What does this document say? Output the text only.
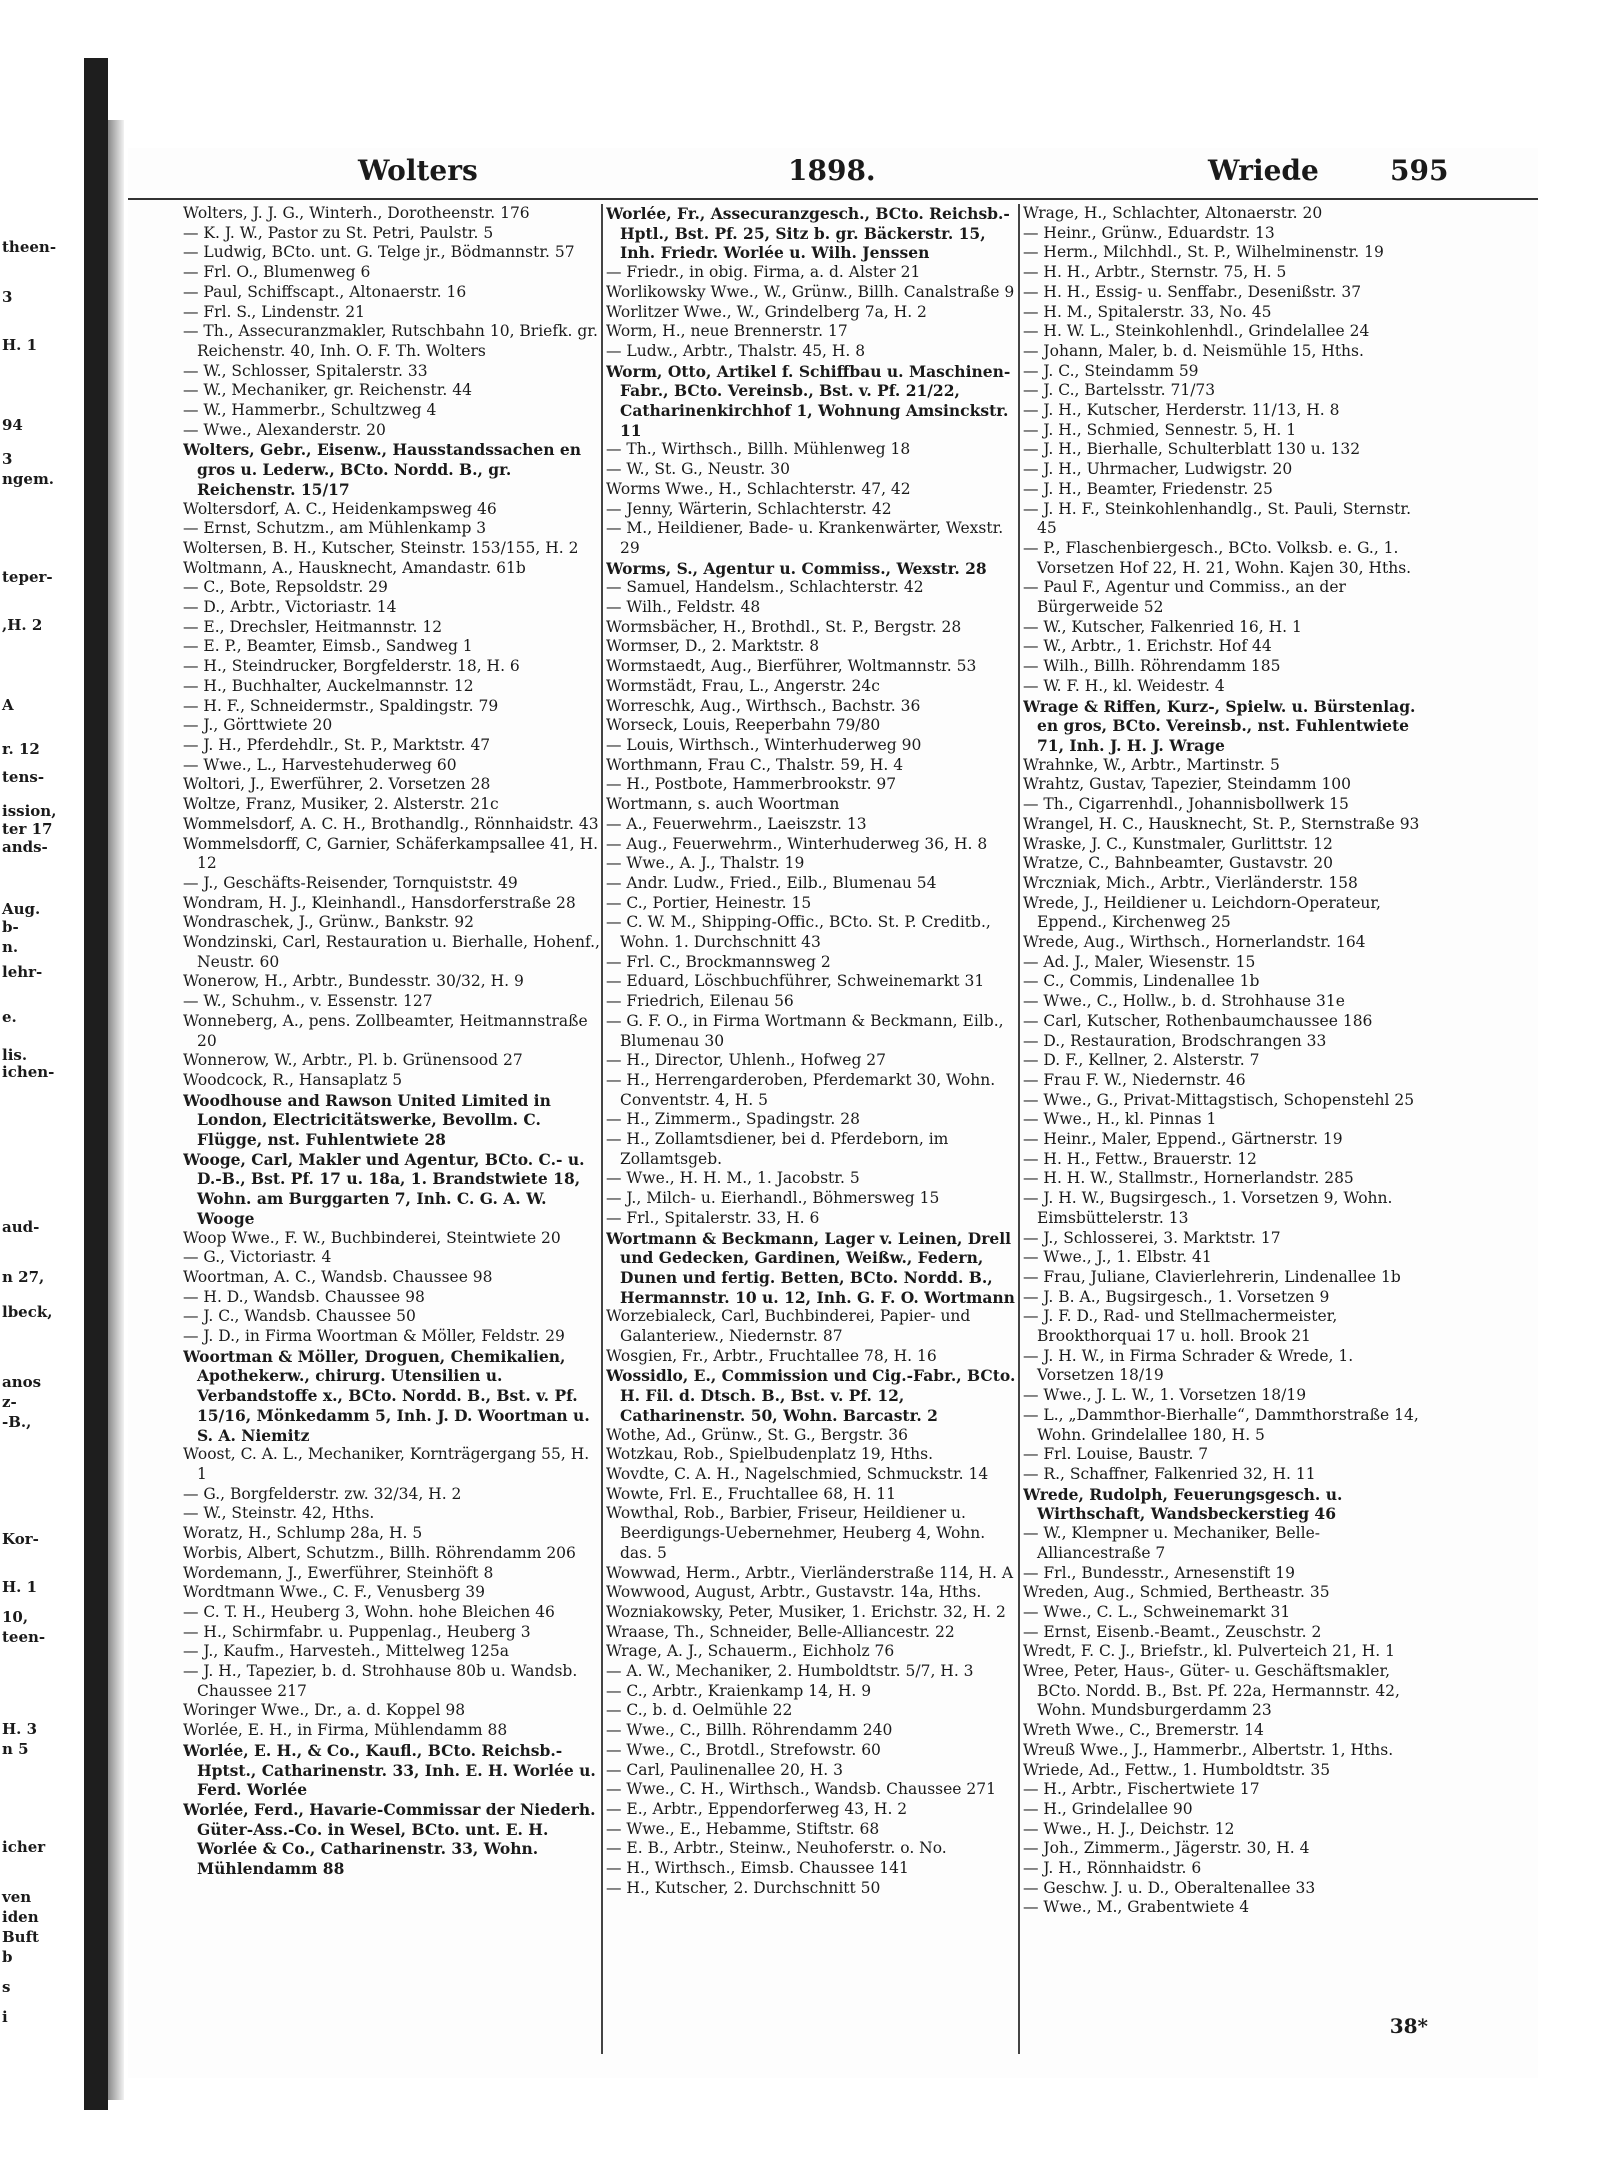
theen-
3
H. 1
94
3
ngem.
teper-
,H. 2
A
r. 12
tens-
ission,
ter 17
ands-
Aug.
b-
n.
lehr-
e.
lis.
ichen-
aud-
n 27,
lbeck,
anos
z-
-B.,
Kor-
H. 1
10,
teen-
H. 3
n 5
icher
ven
iden
Buft
b
s
i
Wolters	1898.	Wriede	595

Wolters, J. J. G., Winterh., Dorotheenstr. 176

— K. J. W., Pastor zu St. Petri, Paulstr. 5

— Ludwig, BCto. unt. G. Telge jr., Bödmannstr. 57

— Frl. O., Blumenweg 6

— Paul, Schiffscapt., Altonaerstr. 16

— Frl. S., Lindenstr. 21

— Th., Assecuranzmakler, Rutschbahn 10, Briefk. gr. Reichenstr. 40, Inh. O. F. Th. Wolters

— W., Schlosser, Spitalerstr. 33

— W., Mechaniker, gr. Reichenstr. 44

— W., Hammerbr., Schultzweg 4

— Wwe., Alexanderstr. 20

Wolters, Gebr., Eisenw., Hausstandssachen en gros u. Lederw., BCto. Nordd. B., gr. Reichenstr. 15/17

Woltersdorf, A. C., Heidenkampsweg 46

— Ernst, Schutzm., am Mühlenkamp 3

Woltersen, B. H., Kutscher, Steinstr. 153/155, H. 2

Woltmann, A., Hausknecht, Amandastr. 61b

— C., Bote, Repsoldstr. 29

— D., Arbtr., Victoriastr. 14

— E., Drechsler, Heitmannstr. 12

— E. P., Beamter, Eimsb., Sandweg 1

— H., Steindrucker, Borgfelderstr. 18, H. 6

— H., Buchhalter, Auckelmannstr. 12

— H. F., Schneidermstr., Spaldingstr. 79

— J., Görttwiete 20

— J. H., Pferdehdlr., St. P., Marktstr. 47

— Wwe., L., Harvestehuderweg 60

Woltori, J., Ewerführer, 2. Vorsetzen 28

Woltze, Franz, Musiker, 2. Alsterstr. 21c

Wommelsdorf, A. C. H., Brothandlg., Rönnhaidstr. 43

Wommelsdorff, C, Garnier, Schäferkampsallee 41, H. 12

— J., Geschäfts-Reisender, Tornquiststr. 49

Wondram, H. J., Kleinhandl., Hansdorferstraße 28

Wondraschek, J., Grünw., Bankstr. 92

Wondzinski, Carl, Restauration u. Bierhalle, Hohenf., Neustr. 60

Wonerow, H., Arbtr., Bundesstr. 30/32, H. 9

— W., Schuhm., v. Essenstr. 127

Wonneberg, A., pens. Zollbeamter, Heitmannstraße 20

Wonnerow, W., Arbtr., Pl. b. Grünensood 27

Woodcock, R., Hansaplatz 5

Woodhouse and Rawson United Limited in London, Electricitätswerke, Bevollm. C. Flügge, nst. Fuhlentwiete 28

Wooge, Carl, Makler und Agentur, BCto. C.- u. D.-B., Bst. Pf. 17 u. 18a, 1. Brandstwiete 18, Wohn. am Burggarten 7, Inh. C. G. A. W. Wooge

Woop Wwe., F. W., Buchbinderei, Steintwiete 20

— G., Victoriastr. 4

Woortman, A. C., Wandsb. Chaussee 98

— H. D., Wandsb. Chaussee 98

— J. C., Wandsb. Chaussee 50

— J. D., in Firma Woortman & Möller, Feldstr. 29

Woortman & Möller, Droguen, Chemikalien, Apothekerw., chirurg. Utensilien u. Verbandstoffe x., BCto. Nordd. B., Bst. v. Pf. 15/16, Mönkedamm 5, Inh. J. D. Woortman u. S. A. Niemitz

Woost, C. A. L., Mechaniker, Kornträgergang 55, H. 1

— G., Borgfelderstr. zw. 32/34, H. 2

— W., Steinstr. 42, Hths.

Woratz, H., Schlump 28a, H. 5

Worbis, Albert, Schutzm., Billh. Röhrendamm 206

Wordemann, J., Ewerführer, Steinhöft 8

Wordtmann Wwe., C. F., Venusberg 39

— C. T. H., Heuberg 3, Wohn. hohe Bleichen 46

— H., Schirmfabr. u. Puppenlag., Heuberg 3

— J., Kaufm., Harvesteh., Mittelweg 125a

— J. H., Tapezier, b. d. Strohhause 80b u. Wandsb. Chaussee 217

Woringer Wwe., Dr., a. d. Koppel 98

Worlée, E. H., in Firma, Mühlendamm 88

Worlée, E. H., & Co., Kaufl., BCto. Reichsb.-Hptst., Catharinenstr. 33, Inh. E. H. Worlée u. Ferd. Worlée

Worlée, Ferd., Havarie-Commissar der Niederh. Güter-Ass.-Co. in Wesel, BCto. unt. E. H. Worlée & Co., Catharinenstr. 33, Wohn. Mühlendamm 88

Worlée, Fr., Assecuranzgesch., BCto. Reichsb.-Hptl., Bst. Pf. 25, Sitz b. gr. Bäckerstr. 15, Inh. Friedr. Worlée u. Wilh. Jenssen

— Friedr., in obig. Firma, a. d. Alster 21

Worlikowsky Wwe., W., Grünw., Billh. Canalstraße 9

Worlitzer Wwe., W., Grindelberg 7a, H. 2

Worm, H., neue Brennerstr. 17

— Ludw., Arbtr., Thalstr. 45, H. 8

Worm, Otto, Artikel f. Schiffbau u. Maschinen-Fabr., BCto. Vereinsb., Bst. v. Pf. 21/22, Catharinenkirchhof 1, Wohnung Amsinckstr. 11

— Th., Wirthsch., Billh. Mühlenweg 18

— W., St. G., Neustr. 30

Worms Wwe., H., Schlachterstr. 47, 42

— Jenny, Wärterin, Schlachterstr. 42

— M., Heildiener, Bade- u. Krankenwärter, Wexstr. 29

Worms, S., Agentur u. Commiss., Wexstr. 28

— Samuel, Handelsm., Schlachterstr. 42

— Wilh., Feldstr. 48

Wormsbächer, H., Brothdl., St. P., Bergstr. 28

Wormser, D., 2. Marktstr. 8

Wormstaedt, Aug., Bierführer, Woltmannstr. 53

Wormstädt, Frau, L., Angerstr. 24c

Worreschk, Aug., Wirthsch., Bachstr. 36

Worseck, Louis, Reeperbahn 79/80

— Louis, Wirthsch., Winterhuderweg 90

Worthmann, Frau C., Thalstr. 59, H. 4

— H., Postbote, Hammerbrookstr. 97

Wortmann, s. auch Woortman

— A., Feuerwehrm., Laeiszstr. 13

— Aug., Feuerwehrm., Winterhuderweg 36, H. 8

— Wwe., A. J., Thalstr. 19

— Andr. Ludw., Fried., Eilb., Blumenau 54

— C., Portier, Heinestr. 15

— C. W. M., Shipping-Offic., BCto. St. P. Creditb., Wohn. 1. Durchschnitt 43

— Frl. C., Brockmannsweg 2

— Eduard, Löschbuchführer, Schweinemarkt 31

— Friedrich, Eilenau 56

— G. F. O., in Firma Wortmann & Beckmann, Eilb., Blumenau 30

— H., Director, Uhlenh., Hofweg 27

— H., Herrengarderoben, Pferdemarkt 30, Wohn. Conventstr. 4, H. 5

— H., Zimmerm., Spadingstr. 28

— H., Zollamtsdiener, bei d. Pferdeborn, im Zollamtsgeb.

— Wwe., H. H. M., 1. Jacobstr. 5

— J., Milch- u. Eierhandl., Böhmersweg 15

— Frl., Spitalerstr. 33, H. 6

Wortmann & Beckmann, Lager v. Leinen, Drell und Gedecken, Gardinen, Weißw., Federn, Dunen und fertig. Betten, BCto. Nordd. B., Hermannstr. 10 u. 12, Inh. G. F. O. Wortmann

Worzebialeck, Carl, Buchbinderei, Papier- und Galanteriew., Niedernstr. 87

Wosgien, Fr., Arbtr., Fruchtallee 78, H. 16

Wossidlo, E., Commission und Cig.-Fabr., BCto. H. Fil. d. Dtsch. B., Bst. v. Pf. 12, Catharinenstr. 50, Wohn. Barcastr. 2

Wothe, Ad., Grünw., St. G., Bergstr. 36

Wotzkau, Rob., Spielbudenplatz 19, Hths.

Wovdte, C. A. H., Nagelschmied, Schmuckstr. 14

Wowte, Frl. E., Fruchtallee 68, H. 11

Wowthal, Rob., Barbier, Friseur, Heildiener u. Beerdigungs-Uebernehmer, Heuberg 4, Wohn. das. 5

Wowwad, Herm., Arbtr., Vierländerstraße 114, H. A

Wowwood, August, Arbtr., Gustavstr. 14a, Hths.

Wozniakowsky, Peter, Musiker, 1. Erichstr. 32, H. 2

Wraase, Th., Schneider, Belle-Alliancestr. 22

Wrage, A. J., Schauerm., Eichholz 76

— A. W., Mechaniker, 2. Humboldtstr. 5/7, H. 3

— C., Arbtr., Kraienkamp 14, H. 9

— C., b. d. Oelmühle 22

— Wwe., C., Billh. Röhrendamm 240

— Wwe., C., Brotdl., Strefowstr. 60

— Carl, Paulinenallee 20, H. 3

— Wwe., C. H., Wirthsch., Wandsb. Chaussee 271

— E., Arbtr., Eppendorferweg 43, H. 2

— Wwe., E., Hebamme, Stiftstr. 68

— E. B., Arbtr., Steinw., Neuhoferstr. o. No.

— H., Wirthsch., Eimsb. Chaussee 141

— H., Kutscher, 2. Durchschnitt 50

Wrage, H., Schlachter, Altonaerstr. 20

— Heinr., Grünw., Eduardstr. 13

— Herm., Milchhdl., St. P., Wilhelminenstr. 19

— H. H., Arbtr., Sternstr. 75, H. 5

— H. H., Essig- u. Senffabr., Desenißstr. 37

— H. M., Spitalerstr. 33, No. 45

— H. W. L., Steinkohlenhdl., Grindelallee 24

— Johann, Maler, b. d. Neismühle 15, Hths.

— J. C., Steindamm 59

— J. C., Bartelsstr. 71/73

— J. H., Kutscher, Herderstr. 11/13, H. 8

— J. H., Schmied, Sennestr. 5, H. 1

— J. H., Bierhalle, Schulterblatt 130 u. 132

— J. H., Uhrmacher, Ludwigstr. 20

— J. H., Beamter, Friedenstr. 25

— J. H. F., Steinkohlenhandlg., St. Pauli, Sternstr. 45

— P., Flaschenbiergesch., BCto. Volksb. e. G., 1. Vorsetzen Hof 22, H. 21, Wohn. Kajen 30, Hths.

— Paul F., Agentur und Commiss., an der Bürgerweide 52

— W., Kutscher, Falkenried 16, H. 1

— W., Arbtr., 1. Erichstr. Hof 44

— Wilh., Billh. Röhrendamm 185

— W. F. H., kl. Weidestr. 4

Wrage & Riffen, Kurz-, Spielw. u. Bürstenlag. en gros, BCto. Vereinsb., nst. Fuhlentwiete 71, Inh. J. H. J. Wrage

Wrahnke, W., Arbtr., Martinstr. 5

Wrahtz, Gustav, Tapezier, Steindamm 100

— Th., Cigarrenhdl., Johannisbollwerk 15

Wrangel, H. C., Hausknecht, St. P., Sternstraße 93

Wraske, J. C., Kunstmaler, Gurlittstr. 12

Wratze, C., Bahnbeamter, Gustavstr. 20

Wrczniak, Mich., Arbtr., Vierländerstr. 158

Wrede, J., Heildiener u. Leichdorn-Operateur, Eppend., Kirchenweg 25

Wrede, Aug., Wirthsch., Hornerlandstr. 164

— Ad. J., Maler, Wiesenstr. 15

— C., Commis, Lindenallee 1b

— Wwe., C., Hollw., b. d. Strohhause 31e

— Carl, Kutscher, Rothenbaumchaussee 186

— D., Restauration, Brodschrangen 33

— D. F., Kellner, 2. Alsterstr. 7

— Frau F. W., Niedernstr. 46

— Wwe., G., Privat-Mittagstisch, Schopenstehl 25

— Wwe., H., kl. Pinnas 1

— Heinr., Maler, Eppend., Gärtnerstr. 19

— H. H., Fettw., Brauerstr. 12

— H. H. W., Stallmstr., Hornerlandstr. 285

— J. H. W., Bugsirgesch., 1. Vorsetzen 9, Wohn. Eimsbüttelerstr. 13

— J., Schlosserei, 3. Marktstr. 17

— Wwe., J., 1. Elbstr. 41

— Frau, Juliane, Clavierlehrerin, Lindenallee 1b

— J. B. A., Bugsirgesch., 1. Vorsetzen 9

— J. F. D., Rad- und Stellmachermeister, Brookthorquai 17 u. holl. Brook 21

— J. H. W., in Firma Schrader & Wrede, 1. Vorsetzen 18/19

— Wwe., J. L. W., 1. Vorsetzen 18/19

— L., „Dammthor-Bierhalle“, Dammthorstraße 14, Wohn. Grindelallee 180, H. 5

— Frl. Louise, Baustr. 7

— R., Schaffner, Falkenried 32, H. 11

Wrede, Rudolph, Feuerungsgesch. u. Wirthschaft, Wandsbeckerstieg 46

— W., Klempner u. Mechaniker, Belle-Alliancestraße 7

— Frl., Bundesstr., Arnesenstift 19

Wreden, Aug., Schmied, Bertheastr. 35

— Wwe., C. L., Schweinemarkt 31

— Ernst, Eisenb.-Beamt., Zeuschstr. 2

Wredt, F. C. J., Briefstr., kl. Pulverteich 21, H. 1

Wree, Peter, Haus-, Güter- u. Geschäftsmakler, BCto. Nordd. B., Bst. Pf. 22a, Hermannstr. 42, Wohn. Mundsburgerdamm 23

Wreth Wwe., C., Bremerstr. 14

Wreuß Wwe., J., Hammerbr., Albertstr. 1, Hths.

Wriede, Ad., Fettw., 1. Humboldtstr. 35

— H., Arbtr., Fischertwiete 17

— H., Grindelallee 90

— Wwe., H. J., Deichstr. 12

— Joh., Zimmerm., Jägerstr. 30, H. 4

— J. H., Rönnhaidstr. 6

— Geschw. J. u. D., Oberaltenallee 33

— Wwe., M., Grabentwiete 4

38*
